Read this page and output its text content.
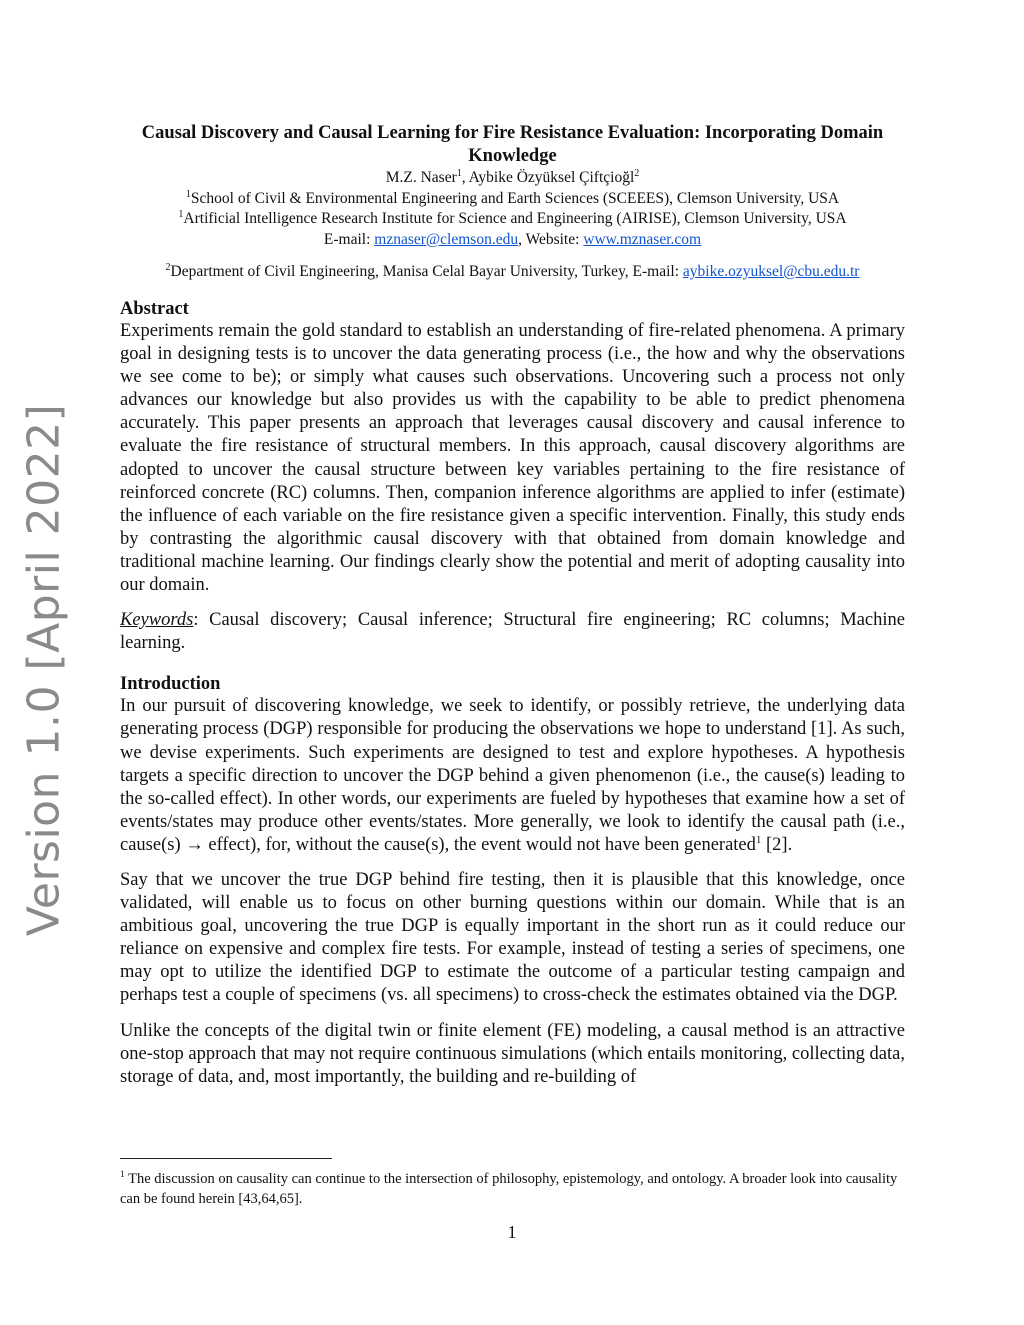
Version 1.0 [April 2022]
Causal Discovery and Causal Learning for Fire Resistance Evaluation: Incorporating Domain Knowledge
M.Z. Naser$^1$, Aybike Özyüksel Çiftçioğl$^2$
$^1$School of Civil & Environmental Engineering and Earth Sciences (SCEEES), Clemson University, USA
$^1$Artificial Intelligence Research Institute for Science and Engineering (AIRISE), Clemson University, USA
E-mail: mznaser@clemson.edu, Website: www.mznaser.com
$^2$Department of Civil Engineering, Manisa Celal Bayar University, Turkey, E-mail: aybike.ozyuksel@cbu.edu.tr
Abstract

Experiments remain the gold standard to establish an understanding of fire-related phenomena. A primary goal in designing tests is to uncover the data generating process (i.e., the how and why the observations we see come to be); or simply what causes such observations. Uncovering such a process not only advances our knowledge but also provides us with the capability to be able to predict phenomena accurately. This paper presents an approach that leverages causal discovery and causal inference to evaluate the fire resistance of structural members. In this approach, causal discovery algorithms are adopted to uncover the causal structure between key variables pertaining to the fire resistance of reinforced concrete (RC) columns. Then, companion inference algorithms are applied to infer (estimate) the influence of each variable on the fire resistance given a specific intervention. Finally, this study ends by contrasting the algorithmic causal discovery with that obtained from domain knowledge and traditional machine learning. Our findings clearly show the potential and merit of adopting causality into our domain.

Keywords: Causal discovery; Causal inference; Structural fire engineering; RC columns; Machine learning.

Introduction

In our pursuit of discovering knowledge, we seek to identify, or possibly retrieve, the underlying data generating process (DGP) responsible for producing the observations we hope to understand [1]. As such, we devise experiments. Such experiments are designed to test and explore hypotheses. A hypothesis targets a specific direction to uncover the DGP behind a given phenomenon (i.e., the cause(s) leading to the so-called effect). In other words, our experiments are fueled by hypotheses that examine how a set of events/states may produce other events/states. More generally, we look to identify the causal path (i.e., cause(s) → effect), for, without the cause(s), the event would not have been generated$^1$ [2].

Say that we uncover the true DGP behind fire testing, then it is plausible that this knowledge, once validated, will enable us to focus on other burning questions within our domain. While that is an ambitious goal, uncovering the true DGP is equally important in the short run as it could reduce our reliance on expensive and complex fire tests. For example, instead of testing a series of specimens, one may opt to utilize the identified DGP to estimate the outcome of a particular testing campaign and perhaps test a couple of specimens (vs. all specimens) to cross-check the estimates obtained via the DGP.

Unlike the concepts of the digital twin or finite element (FE) modeling, a causal method is an attractive one-stop approach that may not require continuous simulations (which entails monitoring, collecting data, storage of data, and, most importantly, the building and re-building of

$^1$ The discussion on causality can continue to the intersection of philosophy, epistemology, and ontology. A broader look into causality can be found herein [43,64,65].
1
